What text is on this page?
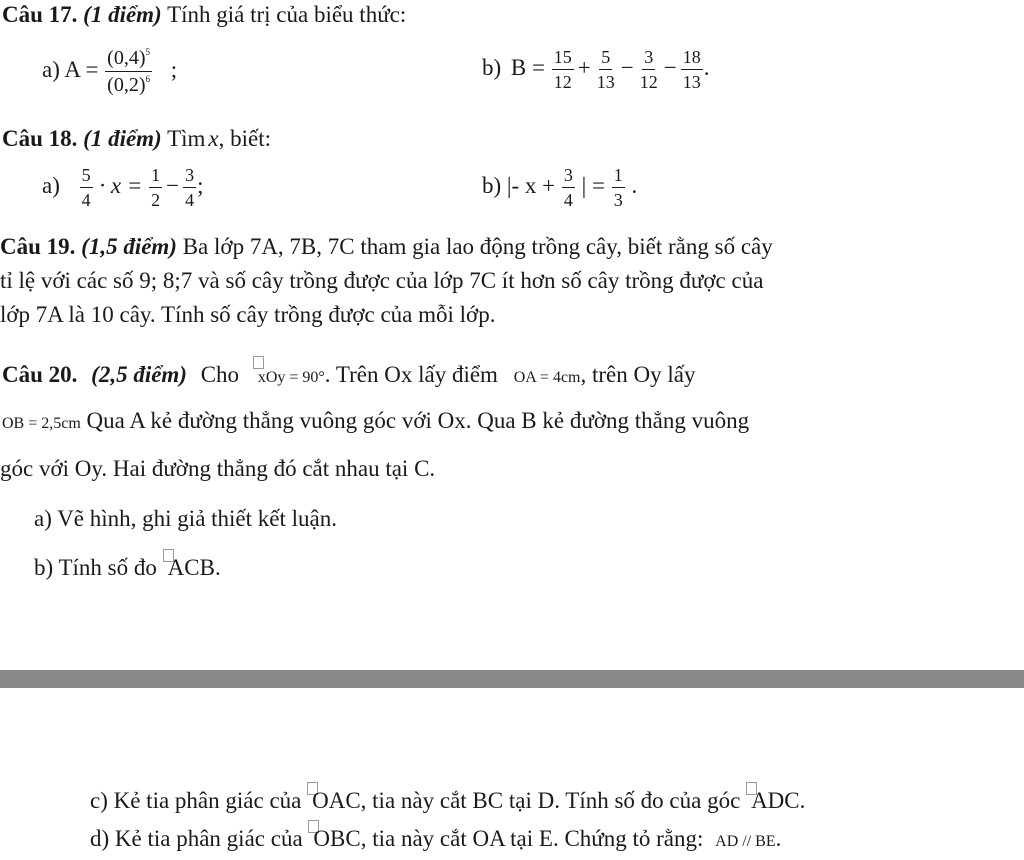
Câu 17. (1 điểm) Tính giá trị của biểu thức:
a) $A = \frac{(0,4)^5}{(0,2)^6}$ ;	b) $B = \frac{15}{12} + \frac{5}{13} - \frac{3}{12} - \frac{18}{13}$ .
Câu 18. (1 điểm) Tìm x, biết:
$a) \frac{5}{4} \cdot x = \frac{1}{2} - \frac{3}{4}$ ;	b) |- $x + \frac{3}{4}$ | = $\frac{1}{3}$ .
Câu 19. (1,5 điểm) Ba lớp 7A, 7B, 7C tham gia lao động trồng cây, biết rằng số cây
tỉ lệ với các số 9; 8;7 và số cây trồng được của lớp 7C ít hơn số cây trồng được của
lớp 7A là 10 cây. Tính số cây trồng được của mỗi lớp.
Câu 20. (2,5 điểm) Cho xOy = 90°. Trên Ox lấy điểm OA = 4cm, trên Oy lấy
OB = 2,5cm Qua A kẻ đường thẳng vuông góc với Ox. Qua B kẻ đường thẳng vuông
góc với Oy. Hai đường thẳng đó cắt nhau tại C.
a) Vẽ hình, ghi giả thiết kết luận.
b) Tính số đo ACB.
c) Kẻ tia phân giác của OAC, tia này cắt BC tại D. Tính số đo của góc ADC.
d) Kẻ tia phân giác của OBC, tia này cắt OA tại E. Chứng tỏ rằng: AD // BE.
